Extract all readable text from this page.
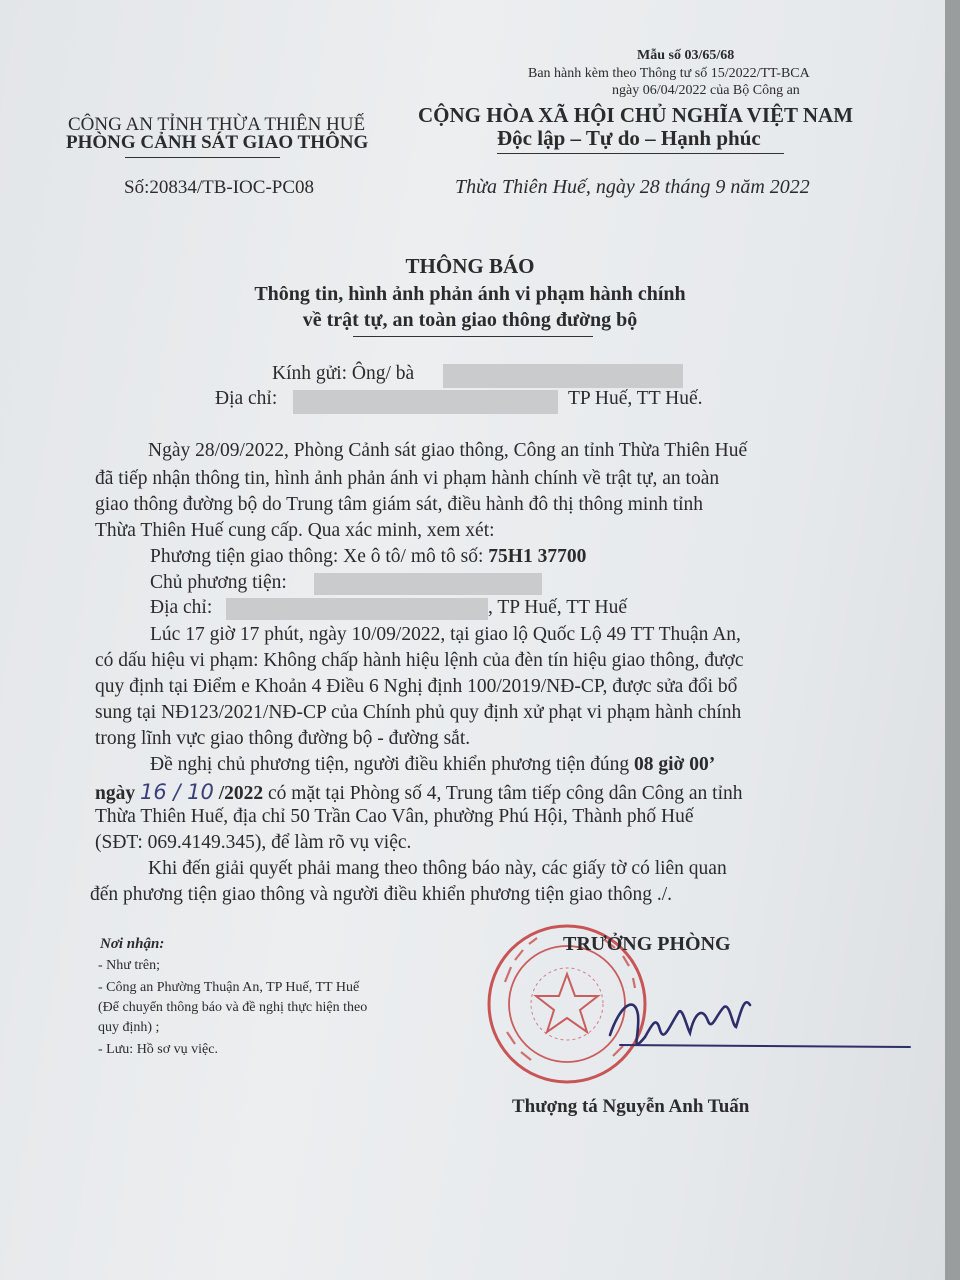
Mẫu số 03/65/68
Ban hành kèm theo Thông tư số 15/2022/TT-BCA
ngày 06/04/2022 của Bộ Công an
CÔNG AN TỈNH THỪA THIÊN HUẾ
PHÒNG CẢNH SÁT GIAO THÔNG
Số:20834/TB-IOC-PC08
CỘNG HÒA XÃ HỘI CHỦ NGHĨA VIỆT NAM
Độc lập – Tự do – Hạnh phúc
Thừa Thiên Huế, ngày 28 tháng 9 năm 2022
THÔNG BÁO
Thông tin, hình ảnh phản ánh vi phạm hành chính
về trật tự, an toàn giao thông đường bộ
Kính gửi: Ông/ bà
Địa chỉ:	TP Huế, TT Huế.
Ngày 28/09/2022, Phòng Cảnh sát giao thông, Công an tỉnh Thừa Thiên Huế
đã tiếp nhận thông tin, hình ảnh phản ánh vi phạm hành chính về trật tự, an toàn
giao thông đường bộ do Trung tâm giám sát, điều hành đô thị thông minh tỉnh
Thừa Thiên Huế cung cấp. Qua xác minh, xem xét:
Phương tiện giao thông: Xe ô tô/ mô tô số: 75H1 37700
Chủ phương tiện:
Địa chỉ:	, TP Huế, TT Huế
Lúc 17 giờ 17 phút, ngày 10/09/2022, tại giao lộ Quốc Lộ 49 TT Thuận An,
có dấu hiệu vi phạm: Không chấp hành hiệu lệnh của đèn tín hiệu giao thông, được
quy định tại Điểm e Khoản 4 Điều 6 Nghị định 100/2019/NĐ-CP, được sửa đổi bổ
sung tại NĐ123/2021/NĐ-CP của Chính phủ quy định xử phạt vi phạm hành chính
trong lĩnh vực giao thông đường bộ - đường sắt.
Đề nghị chủ phương tiện, người điều khiển phương tiện đúng 08 giờ 00’
ngày 16 / 10 /2022 có mặt tại Phòng số 4, Trung tâm tiếp công dân Công an tỉnh
Thừa Thiên Huế, địa chỉ 50 Trần Cao Vân, phường Phú Hội, Thành phố Huế
(SĐT: 069.4149.345), để làm rõ vụ việc.
Khi đến giải quyết phải mang theo thông báo này, các giấy tờ có liên quan
đến phương tiện giao thông và người điều khiển phương tiện giao thông ./.
Nơi nhận:
- Như trên;
- Công an Phường Thuận An, TP Huế, TT Huế
(Để chuyển thông báo và đề nghị thực hiện theo
quy định) ;
- Lưu: Hồ sơ vụ việc.
TRƯỞNG PHÒNG
Thượng tá Nguyễn Anh Tuấn
